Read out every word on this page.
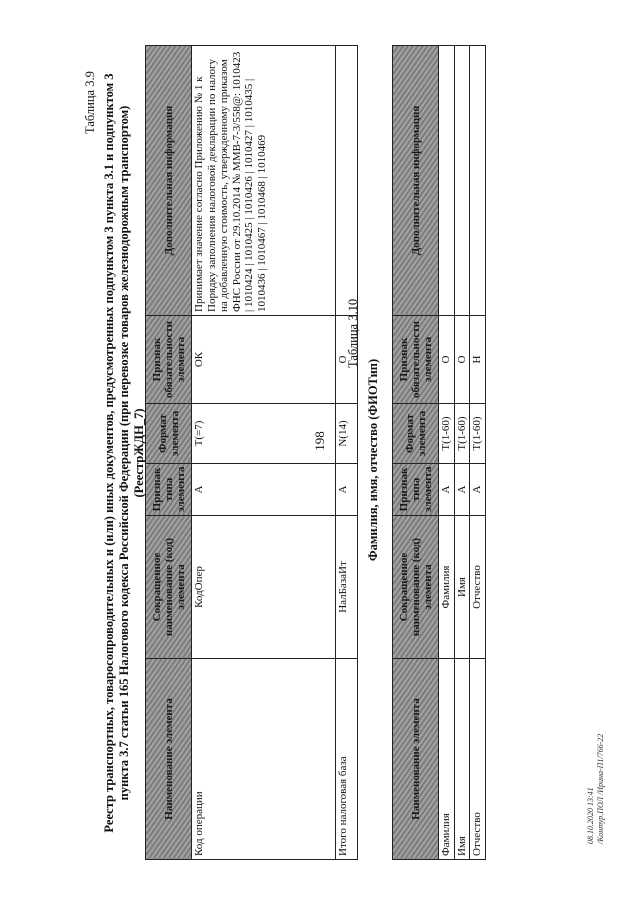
198
Таблица 3.9 Реестр транспортных, товаросопроводительных и (или) иных документов, предусмотренных подпунктом 3 пункта 3.1 и подпунктом 3 пункта 3.7 статьи 165 Налогового кодекса Российской Федерации (при перевозке товаров железнодорожным транспортом) (РеестрЖДН_7)
Наименование элемента	Сокращенное наименование (код) элемента	Признак типа элемента	Формат элемента	Признак обязательности элемента	Дополнительная информация
Код операции	КодОпер	А	Т(=7)	ОК	Принимает значение согласно Приложению № 1 к Порядку заполнения налоговой декларации по налогу на добавленную стоимость, утвержденному приказом ФНС России от 29.10.2014 № ММВ-7-3/558@: 1010423 | 1010424 | 1010425 | 1010426 | 1010427 | 1010435 | 1010436 | 1010467 | 1010468 | 1010469
Итого налоговая база	НалБазаИт	А	N(14)	О	
Таблица 3.10
Фамилия, имя, отчество (ФИОТип)
Наименование элемента	Сокращенное наименование (код) элемента	Признак типа элемента	Формат элемента	Признак обязательности элемента	Дополнительная информация
Фамилия	Фамилия	А	T(1-60)	О	
Имя	Имя	А	T(1-60)	О	
Отчество	Отчество	А	T(1-60)	Н	
08.10.2020 13:41 /Контур.ПОЛ /Ирина-П1/766-22
